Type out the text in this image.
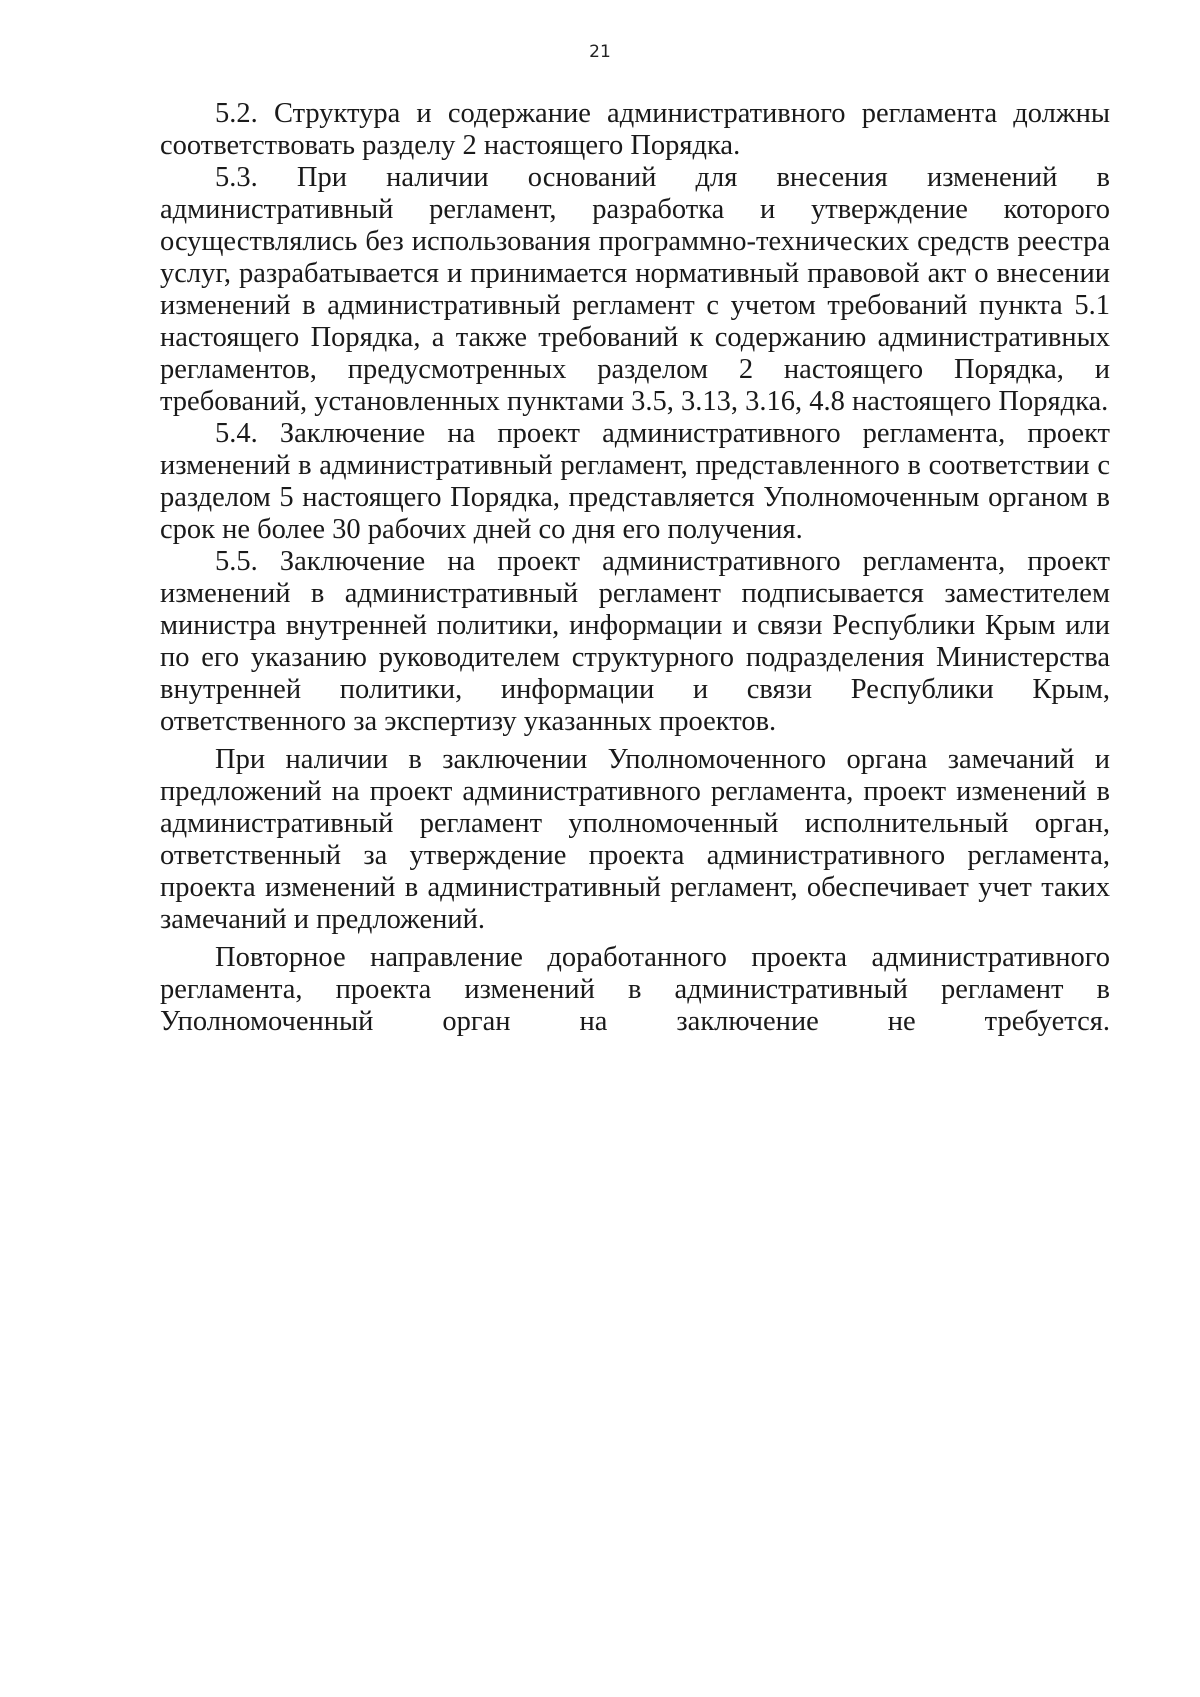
21

5.2. Структура и содержание административного регламента должны соответствовать разделу 2 настоящего Порядка.

5.3. При наличии оснований для внесения изменений в административный регламент, разработка и утверждение которого осуществлялись без использования программно-технических средств реестра услуг, разрабатывается и принимается нормативный правовой акт о внесении изменений в административный регламент с учетом требований пункта 5.1 настоящего Порядка, а также требований к содержанию административных регламентов, предусмотренных разделом 2 настоящего Порядка, и требований, установленных пунктами 3.5, 3.13, 3.16, 4.8 настоящего Порядка.

5.4. Заключение на проект административного регламента, проект изменений в административный регламент, представленного в соответствии с разделом 5 настоящего Порядка, представляется Уполномоченным органом в срок не более 30 рабочих дней со дня его получения.

5.5. Заключение на проект административного регламента, проект изменений в административный регламент подписывается заместителем министра внутренней политики, информации и связи Республики Крым или по его указанию руководителем структурного подразделения Министерства внутренней политики, информации и связи Республики Крым, ответственного за экспертизу указанных проектов.

При наличии в заключении Уполномоченного органа замечаний и предложений на проект административного регламента, проект изменений в административный регламент уполномоченный исполнительный орган, ответственный за утверждение проекта административного регламента, проекта изменений в административный регламент, обеспечивает учет таких замечаний и предложений.

Повторное направление доработанного проекта административного регламента, проекта изменений в административный регламент в Уполномоченный орган на заключение не требуется.
